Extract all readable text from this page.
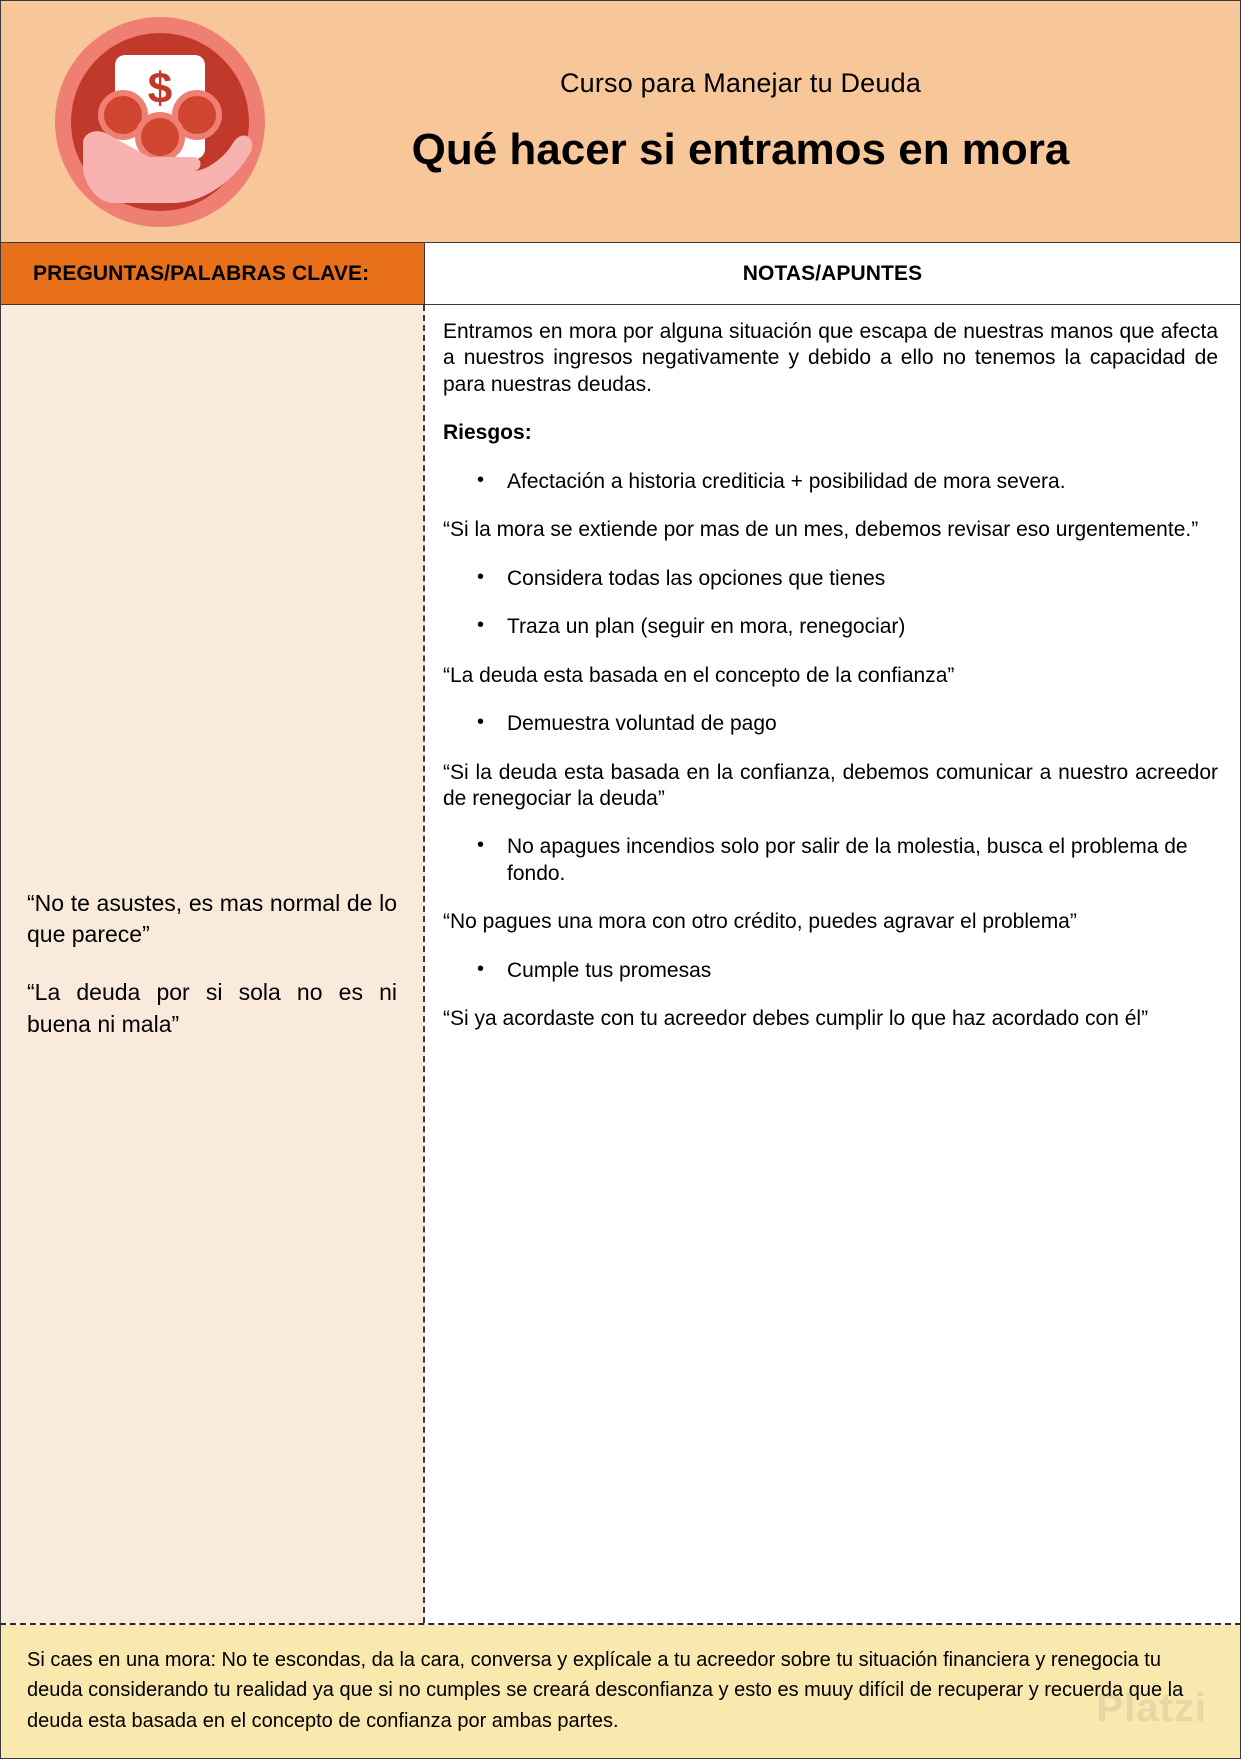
$	Curso para Manejar tu Deuda
Qué hacer si entramos en mora
PREGUNTAS/PALABRAS CLAVE:	NOTAS/APUNTES

“No te asustes, es mas normal de lo que parece”

“La deuda por si sola no es ni buena ni mala”

Entramos en mora por alguna situación que escapa de nuestras manos que afecta a nuestros ingresos negativamente y debido a ello no tenemos la capacidad de para nuestras deudas.

Riesgos:

• Afectación a historia crediticia + posibilidad de mora severa.

“Si la mora se extiende por mas de un mes, debemos revisar eso urgentemente.”

• Considera todas las opciones que tienes
• Traza un plan (seguir en mora, renegociar)

“La deuda esta basada en el concepto de la confianza”

• Demuestra voluntad de pago

“Si la deuda esta basada en la confianza, debemos comunicar a nuestro acreedor de renegociar la deuda”

• No apagues incendios solo por salir de la molestia, busca el problema de fondo.

“No pagues una mora con otro crédito, puedes agravar el problema”

• Cumple tus promesas

“Si ya acordaste con tu acreedor debes cumplir lo que haz acordado con él”

Si caes en una mora: No te escondas, da la cara, conversa y explícale a tu acreedor sobre tu situación financiera y renegocia tu deuda considerando tu realidad ya que si no cumples se creará desconfianza y esto es muuy difícil de recuperar y recuerda que la deuda esta basada en el concepto de confianza por ambas partes.
